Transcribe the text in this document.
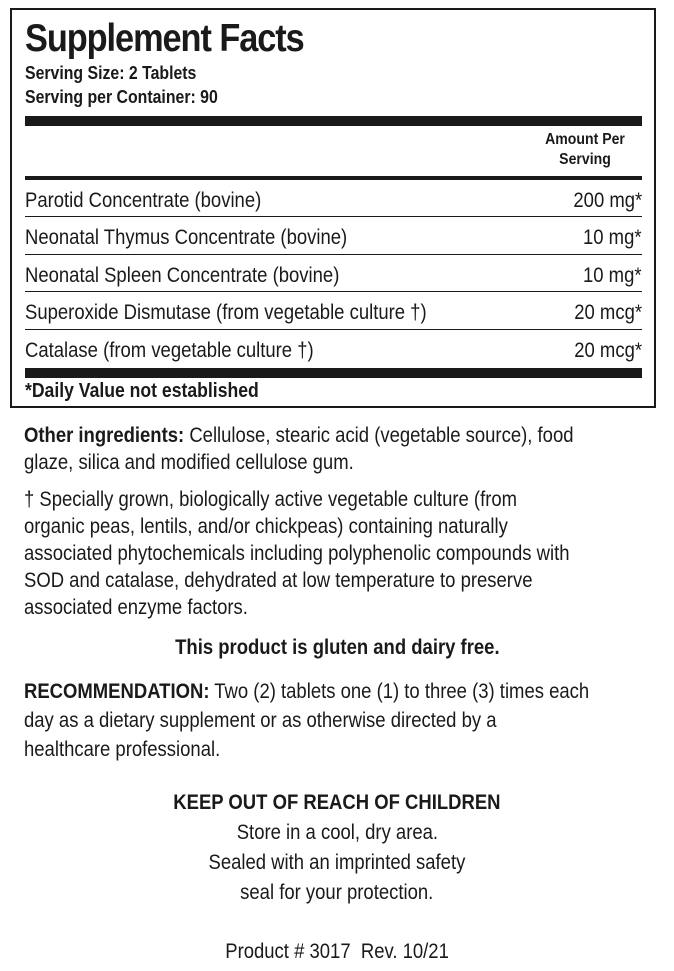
Supplement Facts
Serving Size: 2 Tablets
Serving per Container: 90
Amount Per
Serving
Parotid Concentrate (bovine)	200 mg*
Neonatal Thymus Concentrate (bovine)	10 mg*
Neonatal Spleen Concentrate (bovine)	10 mg*
Superoxide Dismutase (from vegetable culture †)	20 mcg*
Catalase (from vegetable culture †)	20 mcg*
*Daily Value not established
Other ingredients: Cellulose, stearic acid (vegetable source), food
glaze, silica and modified cellulose gum.
† Specially grown, biologically active vegetable culture (from
organic peas, lentils, and/or chickpeas) containing naturally
associated phytochemicals including polyphenolic compounds with
SOD and catalase, dehydrated at low temperature to preserve
associated enzyme factors.
This product is gluten and dairy free.
RECOMMENDATION: Two (2) tablets one (1) to three (3) times each
day as a dietary supplement or as otherwise directed by a
healthcare professional.
KEEP OUT OF REACH OF CHILDREN
Store in a cool, dry area.
Sealed with an imprinted safety
seal for your protection.
Product # 3017  Rev. 10/21
